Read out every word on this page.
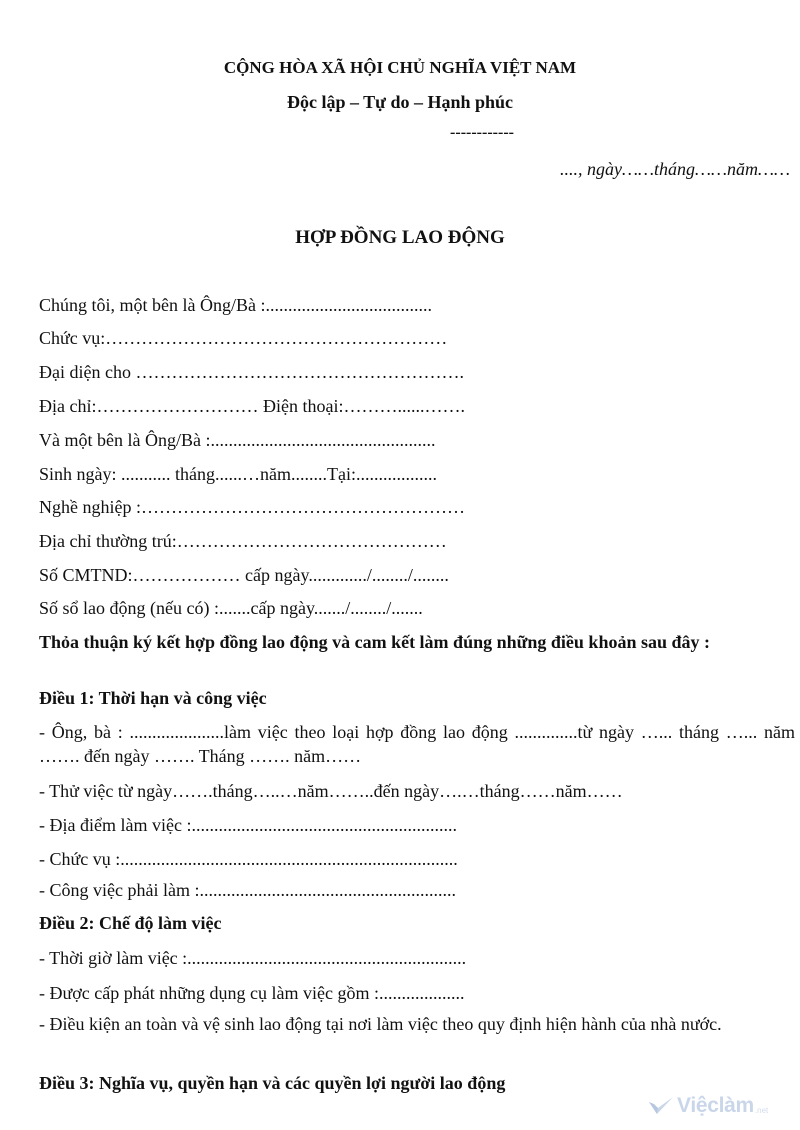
CỘNG HÒA XÃ HỘI CHỦ NGHĨA VIỆT NAM
Độc lập – Tự do – Hạnh phúc
------------
...., ngày……tháng……năm……
HỢP ĐỒNG LAO ĐỘNG
Chúng tôi, một bên là Ông/Bà :.....................................
Chức vụ:…………………………………………………
Đại diện cho ……………………………………………….
Địa chỉ:……………………… Điện thoại:………......…….
Và một bên là Ông/Bà :..................................................
Sinh ngày: ........... tháng......…năm........Tại:..................
Nghề nghiệp :………………………………………………
Địa chỉ thường trú:………………………………………
Số CMTND:……………… cấp ngày............./......../........
Số sổ lao động (nếu có) :.......cấp ngày......./......../.......
Thỏa thuận ký kết hợp đồng lao động và cam kết làm đúng những điều khoản sau đây :
Điều 1: Thời hạn và công việc
- Ông, bà : .....................làm việc theo loại hợp đồng lao động ..............từ ngày …... tháng …... năm ……. đến ngày ……. Tháng ……. năm……
- Thử việc từ ngày…….tháng…..…năm……..đến ngày….…tháng……năm……
- Địa điểm làm việc :...........................................................
- Chức vụ :...........................................................................
- Công việc phải làm :.........................................................
Điều 2: Chế độ làm việc
- Thời giờ làm việc :..............................................................
- Được cấp phát những dụng cụ làm việc gồm :...................
- Điều kiện an toàn và vệ sinh lao động tại nơi làm việc theo quy định hiện hành của nhà nước.
Điều 3: Nghĩa vụ, quyền hạn và các quyền lợi người lao động
Việclàm .net
